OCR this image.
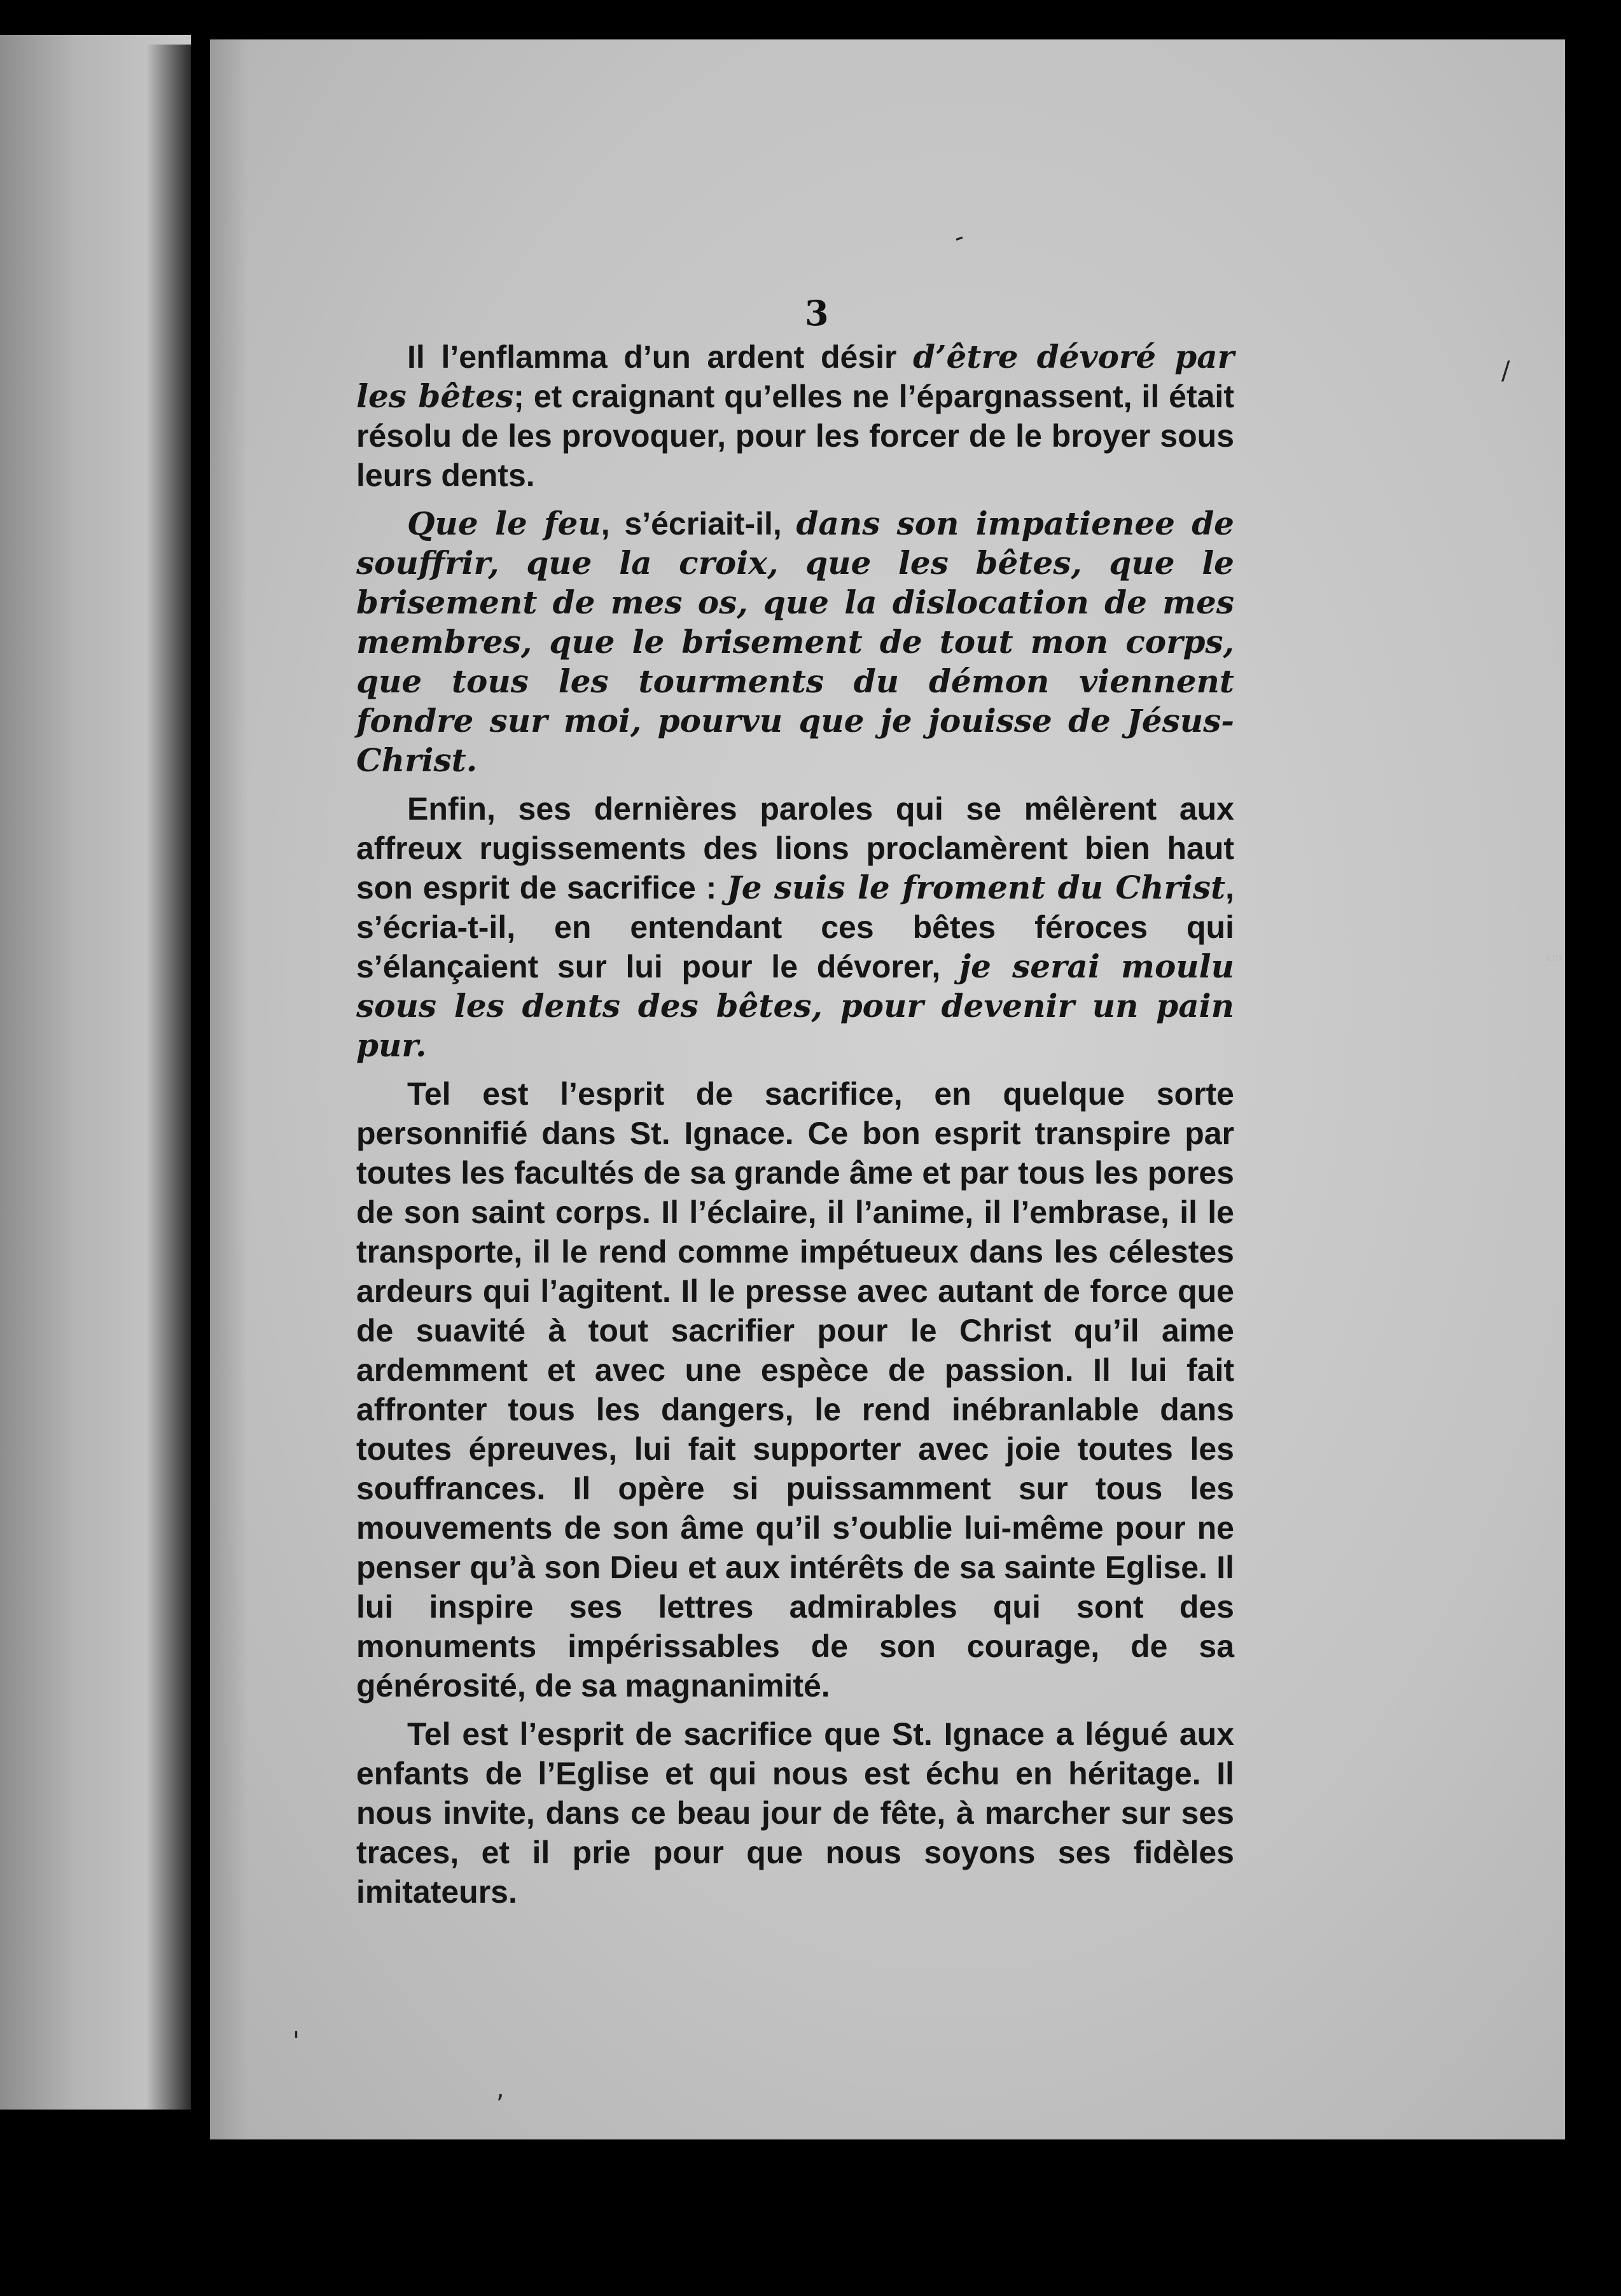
3

Il l’enflamma d’un ardent désir d’être dévoré par les bêtes; et craignant qu’elles ne l’épargnassent, il était résolu de les provoquer, pour les forcer de le broyer sous leurs dents.

Que le feu, s’écriait-il, dans son impatienee de souffrir, que la croix, que les bêtes, que le brisement de mes os, que la dislocation de mes membres, que le brisement de tout mon corps, que tous les tourments du démon viennent fondre sur moi, pourvu que je jouisse de Jésus-Christ.

Enfin, ses dernières paroles qui se mêlèrent aux affreux rugissements des lions proclamèrent bien haut son esprit de sacrifice : Je suis le froment du Christ, s’écria-t-il, en entendant ces bêtes féroces qui s’élançaient sur lui pour le dévorer, je serai moulu sous les dents des bêtes, pour devenir un pain pur.

Tel est l’esprit de sacrifice, en quelque sorte personnifié dans St. Ignace. Ce bon esprit transpire par toutes les facultés de sa grande âme et par tous les pores de son saint corps. Il l’éclaire, il l’anime, il l’embrase, il le transporte, il le rend comme impétueux dans les célestes ardeurs qui l’agitent. Il le presse avec autant de force que de suavité à tout sacrifier pour le Christ qu’il aime ardemment et avec une espèce de passion. Il lui fait affronter tous les dangers, le rend inébranlable dans toutes épreuves, lui fait supporter avec joie toutes les souffrances. Il opère si puissamment sur tous les mouvements de son âme qu’il s’oublie lui-même pour ne penser qu’à son Dieu et aux intérêts de sa sainte Eglise. Il lui inspire ses lettres admirables qui sont des monuments impérissables de son courage, de sa générosité, de sa magnanimité.

Tel est l’esprit de sacrifice que St. Ignace a légué aux enfants de l’Eglise et qui nous est échu en héritage. Il nous invite, dans ce beau jour de fête, à marcher sur ses traces, et il prie pour que nous soyons ses fidèles imitateurs.

cnx
/
-
'
,
